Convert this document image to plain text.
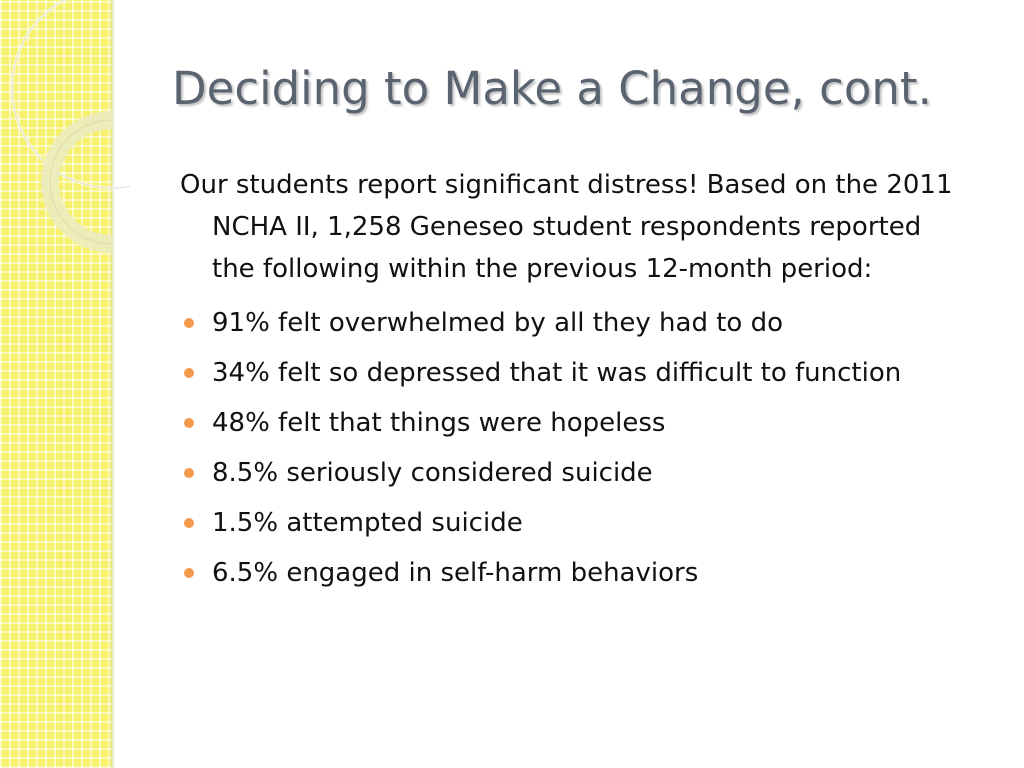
Deciding to Make a Change, cont.

Our students report significant distress! Based on the 2011 NCHA II, 1,258 Geneseo student respondents reported the following within the previous 12-month period:

91% felt overwhelmed by all they had to do
34% felt so depressed that it was difficult to function
48% felt that things were hopeless
8.5% seriously considered suicide
1.5% attempted suicide
6.5% engaged in self-harm behaviors
